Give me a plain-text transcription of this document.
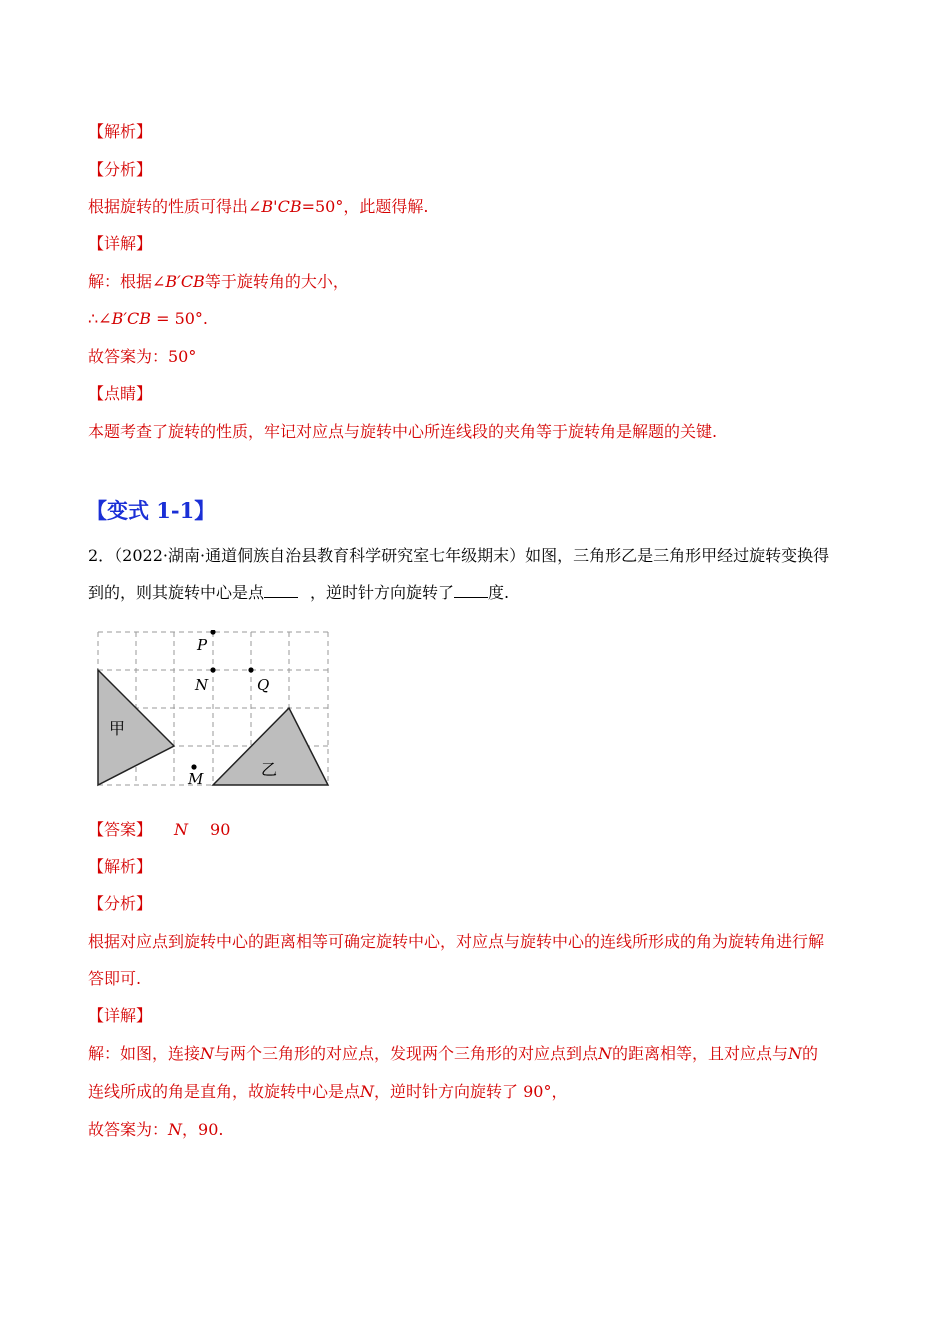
【解析】
【分析】
根据旋转的性质可得出∠B'CB=50°，此题得解.
【详解】
解：根据∠B′CB等于旋转角的大小，
∴∠B′CB = 50°.
故答案为：50°
【点睛】
本题考查了旋转的性质，牢记对应点与旋转中心所连线段的夹角等于旋转角是解题的关键.
【变式 1-1】
2．（2022·湖南·通道侗族自治县教育科学研究室七年级期末）如图，三角形乙是三角形甲经过旋转变换得
到的，则其旋转中心是点	，逆时针方向旋转了 度.
P
N	Q
M
甲
乙
【答案】 N 90
【解析】
【分析】
根据对应点到旋转中心的距离相等可确定旋转中心，对应点与旋转中心的连线所形成的角为旋转角进行解
答即可.
【详解】
解：如图，连接N与两个三角形的对应点，发现两个三角形的对应点到点N的距离相等，且对应点与N的
连线所成的角是直角，故旋转中心是点N，逆时针方向旋转了 90°，
故答案为：N，90.
